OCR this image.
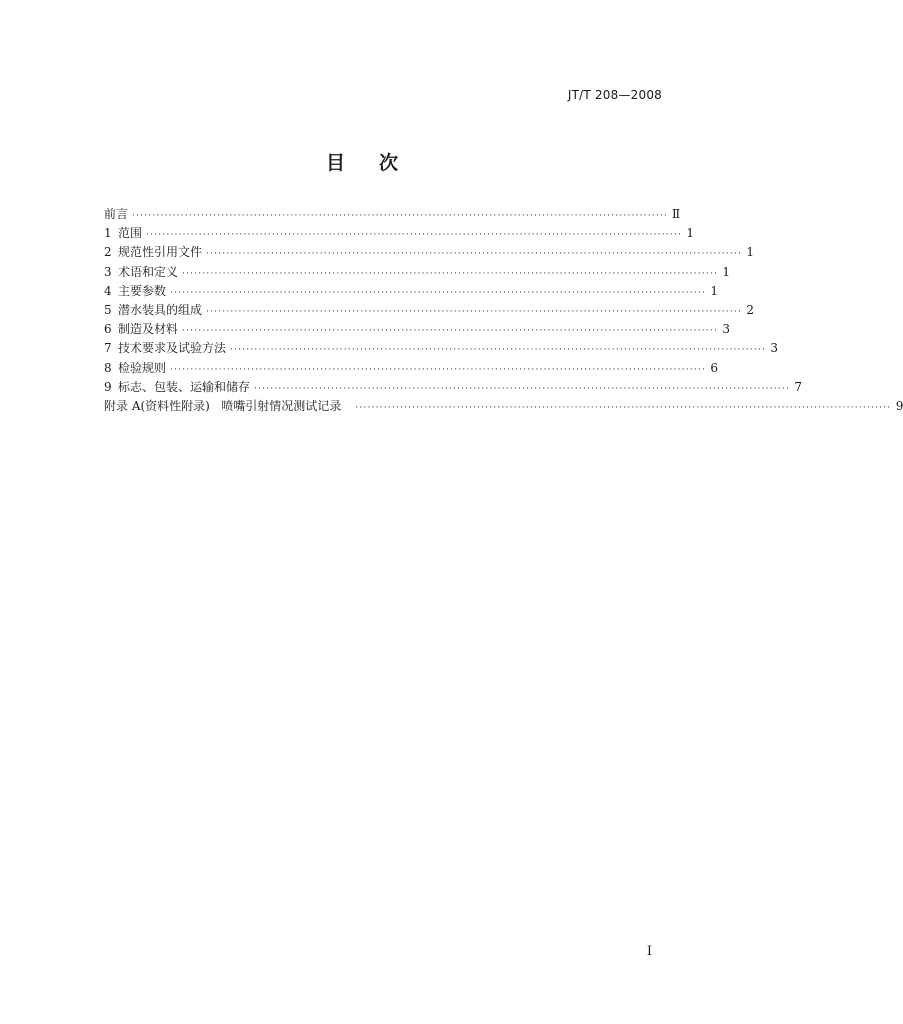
JT/T 208—2008
目 次
前言 ···································································································································· Ⅱ
1 范围 ···································································································································· 1
2 规范性引用文件 ···································································································································· 1
3 术语和定义 ···································································································································· 1
4 主要参数 ···································································································································· 1
5 潜水装具的组成 ···································································································································· 2
6 制造及材料 ···································································································································· 3
7 技术要求及试验方法 ···································································································································· 3
8 检验规则 ···································································································································· 6
9 标志、包装、运输和储存 ···································································································································· 7
附录 A(资料性附录)   喷嘴引射情况测试记录 ···································································································································· 9
Ⅰ
